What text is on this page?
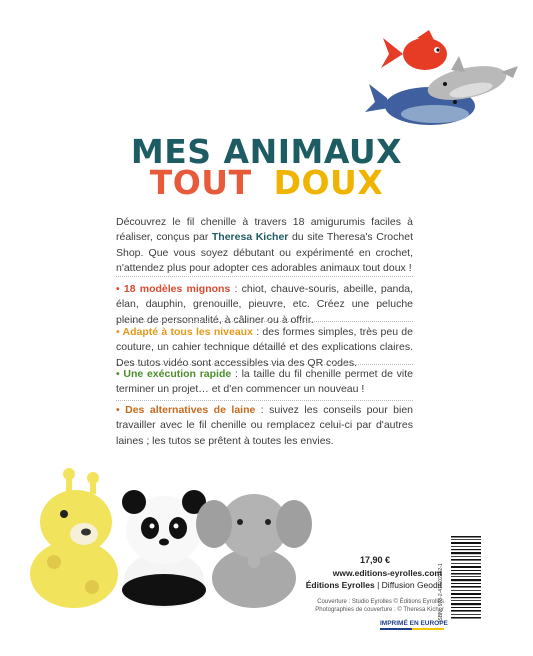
MES ANIMAUX
TOUT DOUX
Découvrez le fil chenille à travers 18 amigurumis faciles à réaliser, conçus par Theresa Kicher du site Theresa's Crochet Shop. Que vous soyez débutant ou expérimenté en crochet, n'attendez plus pour adopter ces adorables animaux tout doux !
• 18 modèles mignons : chiot, chauve-souris, abeille, panda, élan, dauphin, grenouille, pieuvre, etc. Créez une peluche pleine de personnalité, à câliner ou à offrir.
• Adapté à tous les niveaux : des formes simples, très peu de couture, un cahier technique détaillé et des explications claires. Des tutos vidéo sont accessibles via des QR codes.
• Une exécution rapide : la taille du fil chenille permet de vite terminer un projet… et d'en commencer un nouveau !
• Des alternatives de laine : suivez les conseils pour bien travailler avec le fil chenille ou remplacez celui-ci par d'autres laines ; les tutos se prêtent à toutes les envies.
17,90 €
www.editions-eyrolles.com
Éditions Eyrolles | Diffusion Geodif
Couverture : Studio Eyrolles © Éditions Eyrolles
Photographies de couverture : © Theresa Kicher
IMPRIMÉ EN EUROPE
ISBN : 978-2-416-02152-1
